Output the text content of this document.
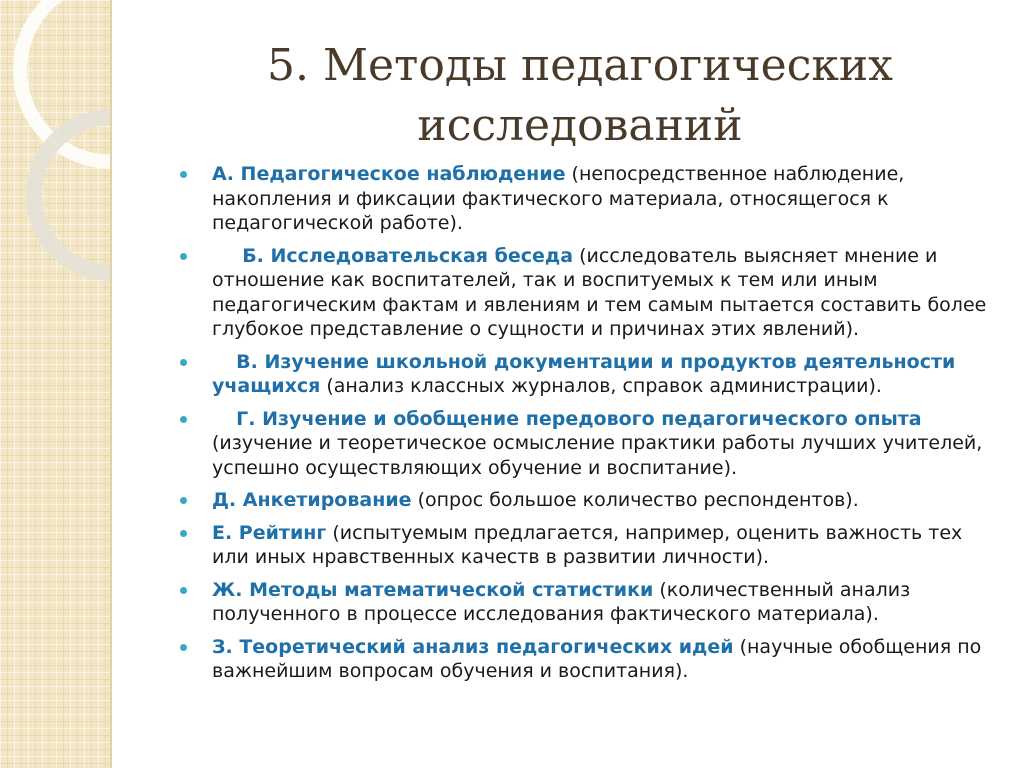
5. Методы педагогических
исследований
А. Педагогическое наблюдение (непосредственное наблюдение, накопления и фиксации фактического материала, относящегося к педагогической работе).
Б. Исследовательская беседа (исследователь выясняет мнение и отношение как воспитателей, так и воспитуемых к тем или иным педагогическим фактам и явлениям и тем самым пытается составить более глубокое представление о сущности и причинах этих явлений).
В. Изучение школьной документации и продуктов деятельности учащихся (анализ классных журналов, справок администрации).
Г. Изучение и обобщение передового педагогического опыта (изучение и теоретическое осмысление практики работы лучших учителей, успешно осуществляющих обучение и воспитание).
Д. Анкетирование (опрос большое количество респондентов).
Е. Рейтинг (испытуемым предлагается, например, оценить важность тех или иных нравственных качеств в развитии личности).
Ж. Методы математической статистики (количественный анализ полученного в процессе исследования фактического материала).
З. Теоретический анализ педагогических идей (научные обобщения по важнейшим вопросам обучения и воспитания).
